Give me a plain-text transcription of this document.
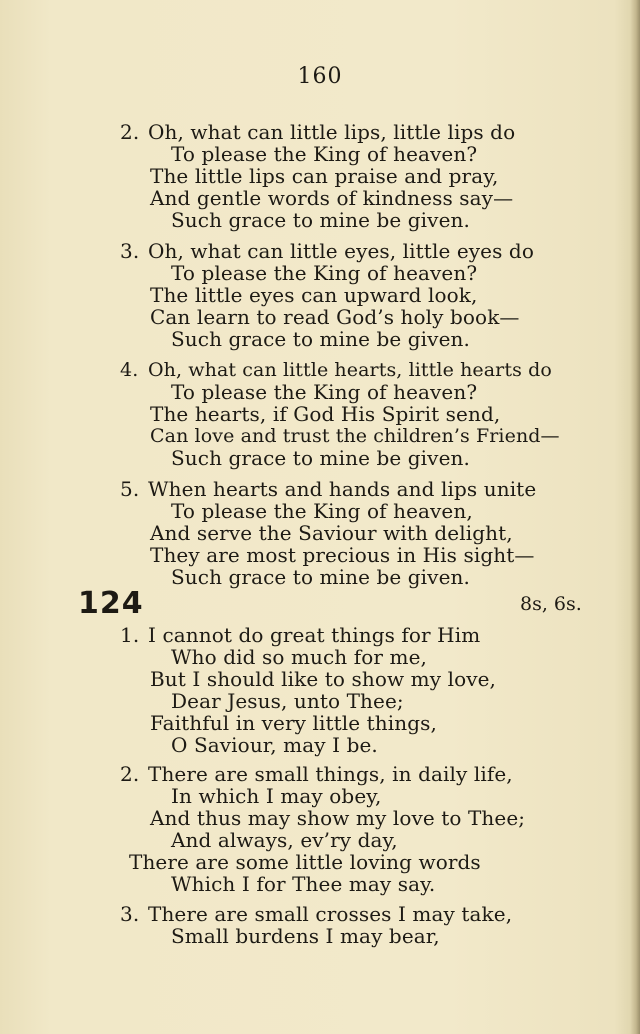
160
2. Oh, what can little lips, little lips do
To please the King of heaven?
The little lips can praise and pray,
And gentle words of kindness say—
Such grace to mine be given.
3. Oh, what can little eyes, little eyes do
To please the King of heaven?
The little eyes can upward look,
Can learn to read God’s holy book—
Such grace to mine be given.
4. Oh, what can little hearts, little hearts do
To please the King of heaven?
The hearts, if God His Spirit send,
Can love and trust the children’s Friend—
Such grace to mine be given.
5. When hearts and hands and lips unite
To please the King of heaven,
And serve the Saviour with delight,
They are most precious in His sight—
Such grace to mine be given.
124	8s, 6s.
1. I cannot do great things for Him
Who did so much for me,
But I should like to show my love,
Dear Jesus, unto Thee;
Faithful in very little things,
O Saviour, may I be.
2. There are small things, in daily life,
In which I may obey,
And thus may show my love to Thee;
And always, ev’ry day,
There are some little loving words
Which I for Thee may say.
3. There are small crosses I may take,
Small burdens I may bear,
